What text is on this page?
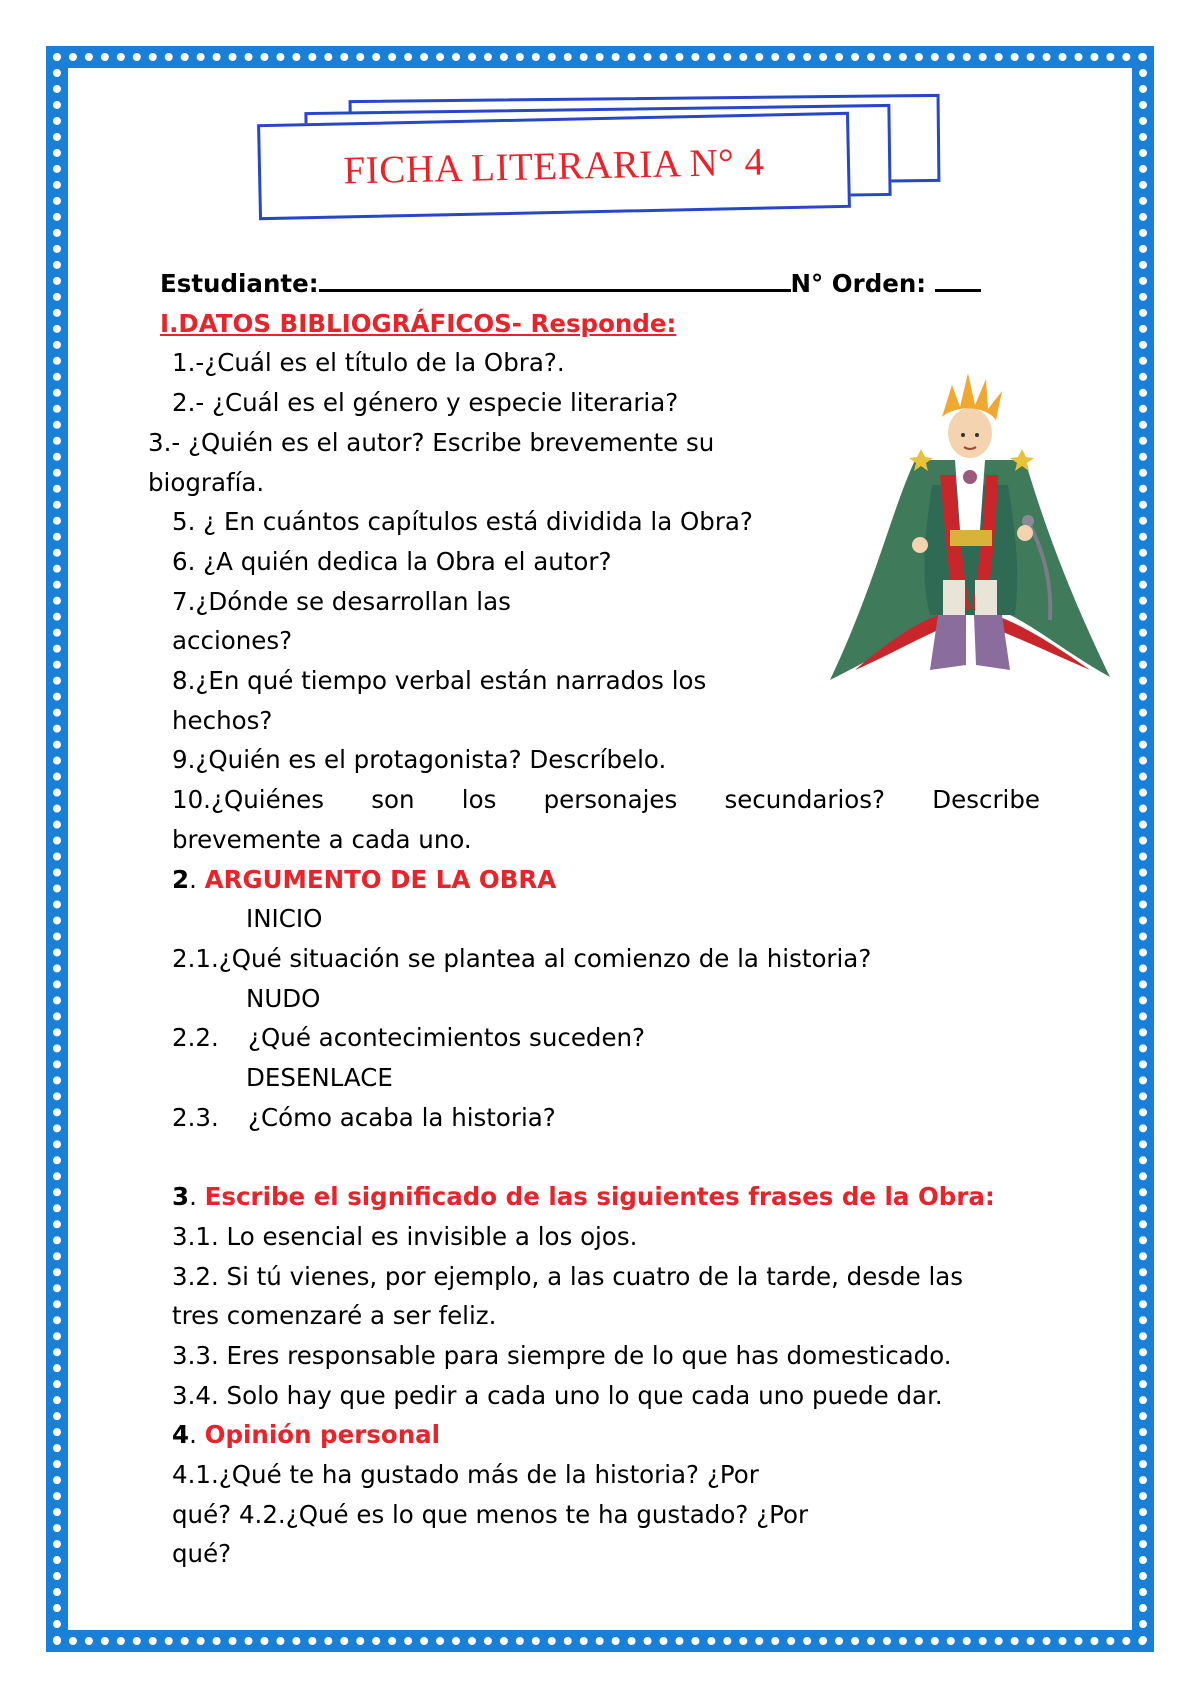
FICHA LITERARIA N° 4
Estudiante:	N° Orden:
I.DATOS BIBLIOGRÁFICOS- Responde:
1.-¿Cuál es el título de la Obra?.
2.- ¿Cuál es el género y especie literaria?
3.- ¿Quién es el autor? Escribe brevemente su
biografía.
5. ¿ En cuántos capítulos está dividida la Obra?
6. ¿A quién dedica la Obra el autor?
7.¿Dónde se desarrollan las
acciones?
8.¿En qué tiempo verbal están narrados los
hechos?
9.¿Quién es el protagonista? Descríbelo.
10.¿Quiénes son los personajes secundarios? Describe
brevemente a cada uno.
2. ARGUMENTO DE LA OBRA
INICIO
2.1.¿Qué situación se plantea al comienzo de la historia?
NUDO
2.2. ¿Qué acontecimientos suceden?
DESENLACE
2.3. ¿Cómo acaba la historia?
3. Escribe el significado de las siguientes frases de la Obra:
3.1. Lo esencial es invisible a los ojos.
3.2. Si tú vienes, por ejemplo, a las cuatro de la tarde, desde las
tres comenzaré a ser feliz.
3.3. Eres responsable para siempre de lo que has domesticado.
3.4. Solo hay que pedir a cada uno lo que cada uno puede dar.
4. Opinión personal
4.1.¿Qué te ha gustado más de la historia? ¿Por
qué? 4.2.¿Qué es lo que menos te ha gustado? ¿Por
qué?
